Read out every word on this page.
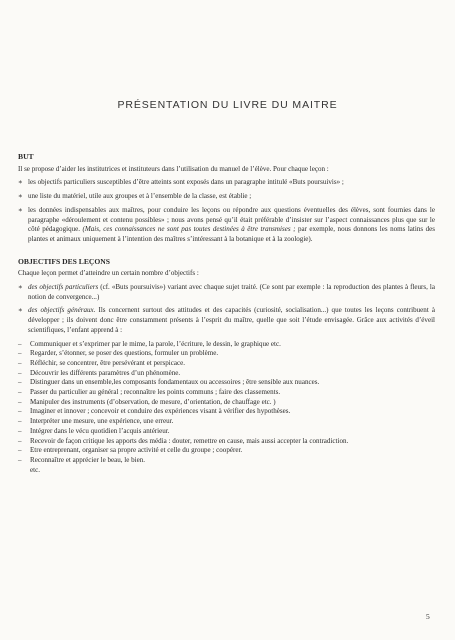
PRÉSENTATION DU LIVRE DU MAITRE
BUT

Il se propose d’aider les institutrices et instituteurs dans l’utilisation du manuel de l’élève. Pour chaque leçon :

∗ les objectifs particuliers susceptibles d’être atteints sont exposés dans un paragraphe intitulé «Buts poursuivis» ;
∗ une liste du matériel, utile aux groupes et à l’ensemble de la classe, est établie ;
∗ les données indispensables aux maîtres, pour conduire les leçons ou répondre aux questions éventuelles des élèves, sont fournies dans le paragraphe «déroulement et contenu possibles» ; nous avons pensé qu’il était préférable d’insister sur l’aspect connaissances plus que sur le côté pédagogique. (Mais, ces connaissances ne sont pas toutes destinées à être transmises ; par exemple, nous donnons les noms latins des plantes et animaux uniquement à l’intention des maîtres s’intéressant à la botanique et à la zoologie).
OBJECTIFS DES LEÇONS

Chaque leçon permet d’atteindre un certain nombre d’objectifs :

∗ des objectifs particuliers (cf. «Buts poursuivis») variant avec chaque sujet traité. (Ce sont par exemple : la reproduction des plantes à fleurs, la notion de convergence...)
∗ des objectifs généraux. Ils concernent surtout des attitudes et des capacités (curiosité, socialisation...) que toutes les leçons contribuent à développer ; ils doivent donc être constamment présents à l’esprit du maître, quelle que soit l’étude envisagée. Grâce aux activités d’éveil scientifiques, l’enfant apprend à :
– Communiquer et s’exprimer par le mime, la parole, l’écriture, le dessin, le graphique etc.
– Regarder, s’étonner, se poser des questions, formuler un problème.
– Réfléchir, se concentrer, être persévérant et perspicace.
– Découvrir les différents paramètres d’un phénomène.
– Distinguer dans un ensemble,les composants fondamentaux ou accessoires ; être sensible aux nuances.
– Passer du particulier au général ; reconnaître les points communs ; faire des classements.
– Manipuler des instruments (d’observation, de mesure, d’orientation, de chauffage etc. )
– Imaginer et innover ; concevoir et conduire des expériences visant à vérifier des hypothèses.
– Interpréter une mesure, une expérience, une erreur.
– Intégrer dans le vécu quotidien l’acquis antérieur.
– Recevoir de façon critique les apports des média : douter, remettre en cause, mais aussi accepter la contradiction.
– Etre entreprenant, organiser sa propre activité et celle du groupe ; coopérer.
– Reconnaître et apprécier le beau, le bien.
etc.
5
